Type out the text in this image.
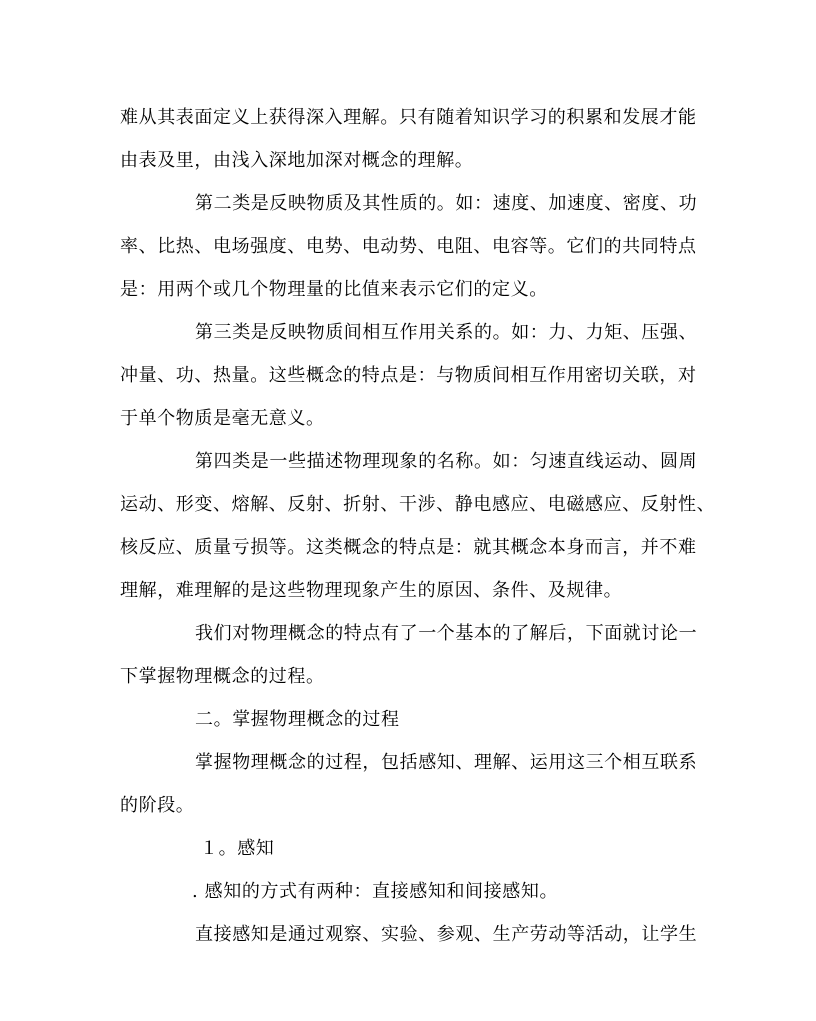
难从其表面定义上获得深入理解。只有随着知识学习的积累和发展才能
由表及里，由浅入深地加深对概念的理解。
第二类是反映物质及其性质的。如：速度、加速度、密度、功
率、比热、电场强度、电势、电动势、电阻、电容等。它们的共同特点
是：用两个或几个物理量的比值来表示它们的定义。
第三类是反映物质间相互作用关系的。如：力、力矩、压强、
冲量、功、热量。这些概念的特点是：与物质间相互作用密切关联，对
于单个物质是毫无意义。
第四类是一些描述物理现象的名称。如：匀速直线运动、圆周
运动、形变、熔解、反射、折射、干涉、静电感应、电磁感应、反射性、
核反应、质量亏损等。这类概念的特点是：就其概念本身而言，并不难
理解，难理解的是这些物理现象产生的原因、条件、及规律。
我们对物理概念的特点有了一个基本的了解后，下面就讨论一
下掌握物理概念的过程。
二。掌握物理概念的过程
掌握物理概念的过程，包括感知、理解、运用这三个相互联系
的阶段。
１。感知
. 感知的方式有两种：直接感知和间接感知。
直接感知是通过观察、实验、参观、生产劳动等活动，让学生
